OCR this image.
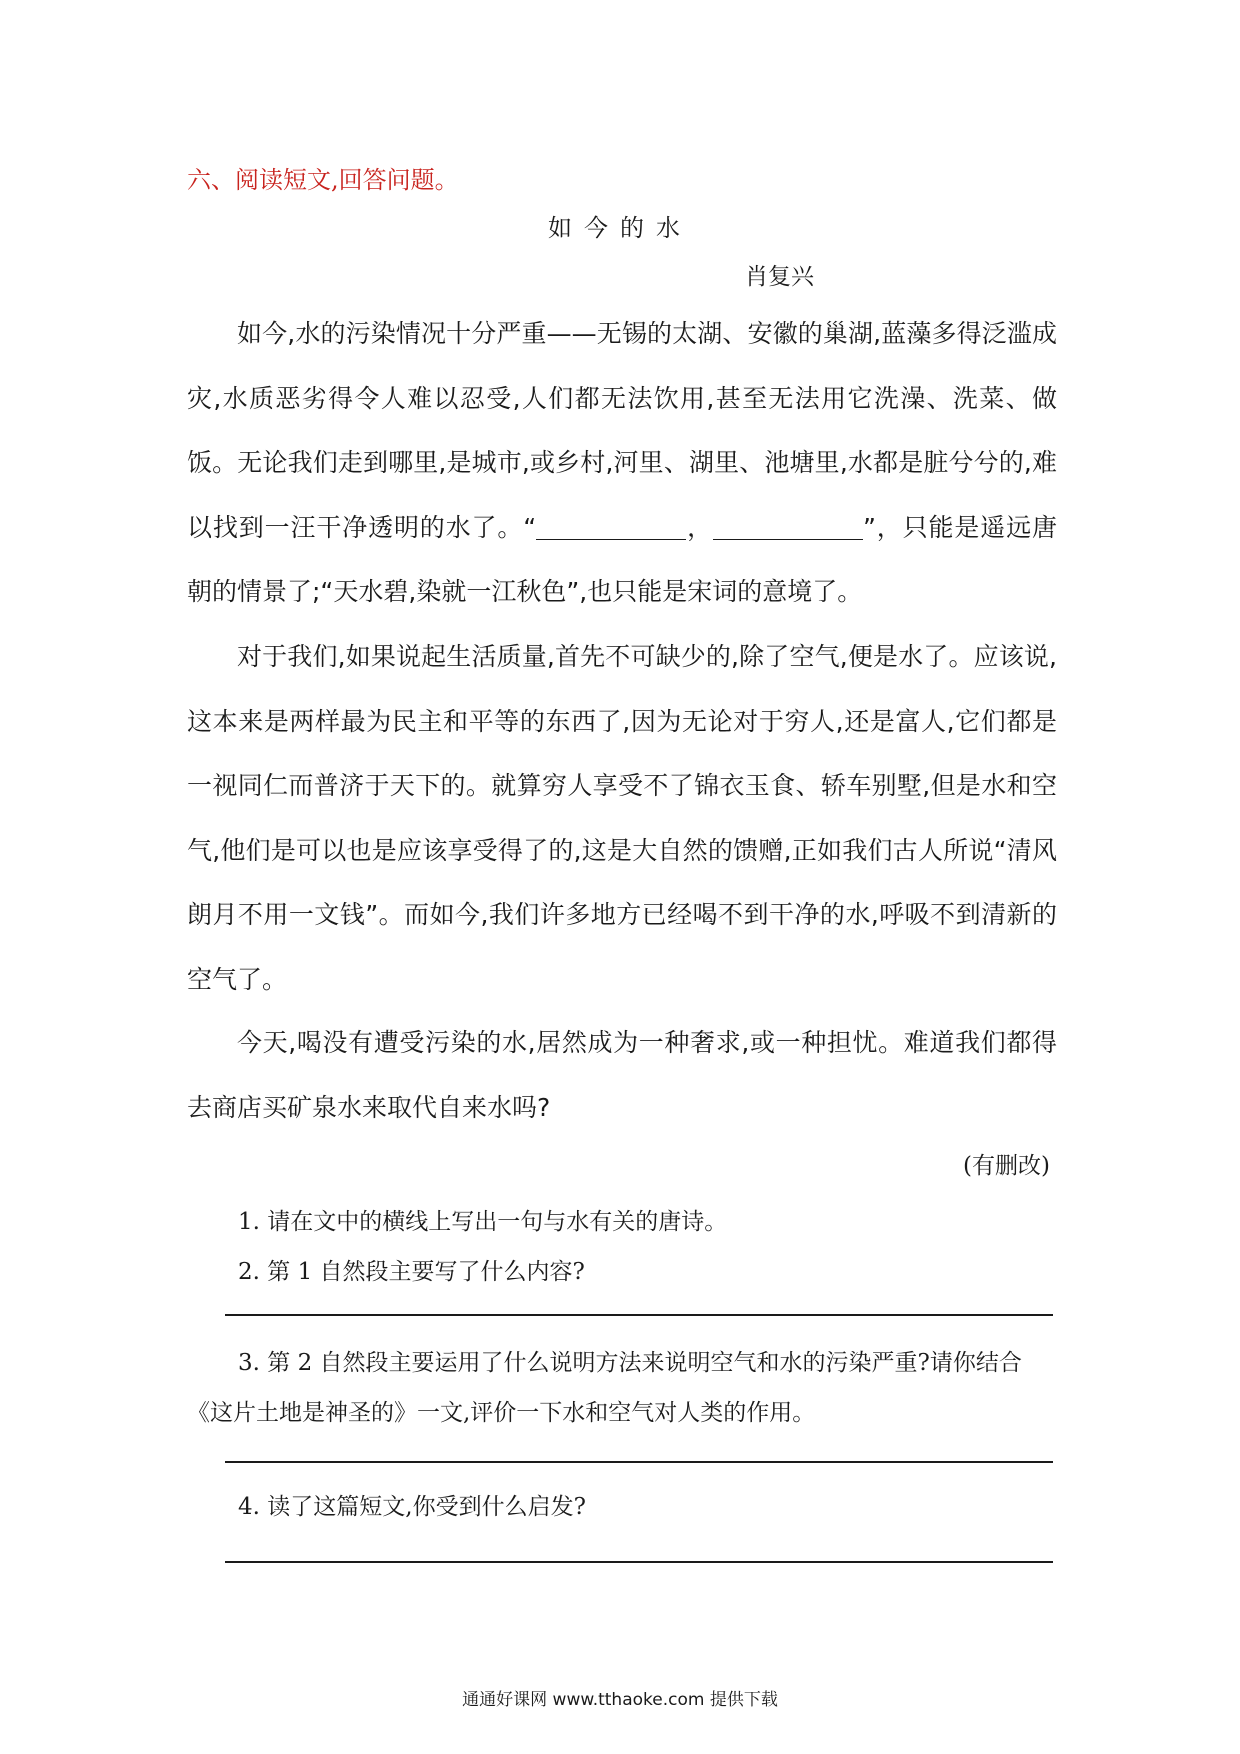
六、阅读短文,回答问题。
如今的水
肖复兴
如今,水的污染情况十分严重——无锡的太湖、安徽的巢湖,蓝藻多得泛滥成灾,水质恶劣得令人难以忍受,人们都无法饮用,甚至无法用它洗澡、洗菜、做饭。无论我们走到哪里,是城市,或乡村,河里、湖里、池塘里,水都是脏兮兮的,难以找到一汪干净透明的水了。“	，	”，只能是遥远唐朝的情景了;“天水碧,染就一江秋色”,也只能是宋词的意境了。
对于我们,如果说起生活质量,首先不可缺少的,除了空气,便是水了。应该说,这本来是两样最为民主和平等的东西了,因为无论对于穷人,还是富人,它们都是一视同仁而普济于天下的。就算穷人享受不了锦衣玉食、轿车别墅,但是水和空气,他们是可以也是应该享受得了的,这是大自然的馈赠,正如我们古人所说“清风朗月不用一文钱”。而如今,我们许多地方已经喝不到干净的水,呼吸不到清新的空气了。
今天,喝没有遭受污染的水,居然成为一种奢求,或一种担忧。难道我们都得去商店买矿泉水来取代自来水吗?
(有删改)
1. 请在文中的横线上写出一句与水有关的唐诗。
2. 第 1 自然段主要写了什么内容?
3. 第 2 自然段主要运用了什么说明方法来说明空气和水的污染严重?请你结合《这片土地是神圣的》一文,评价一下水和空气对人类的作用。
4. 读了这篇短文,你受到什么启发?
通通好课网 www.tthaoke.com 提供下载
